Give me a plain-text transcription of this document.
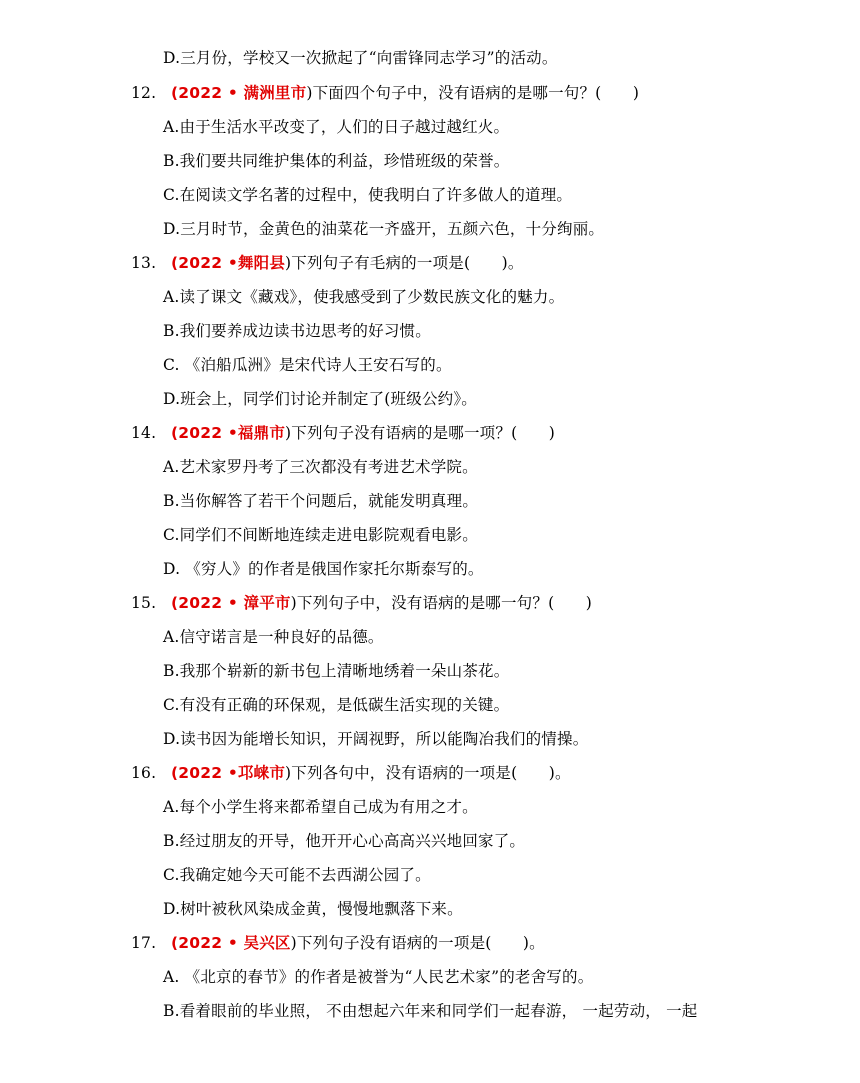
D.三月份，学校又一次掀起了“向雷锋同志学习”的活动。
12. (2022 • 满洲里市)下面四个句子中，没有语病的是哪一句？(　　)
A.由于生活水平改变了，人们的日子越过越红火。
B.我们要共同维护集体的利益，珍惜班级的荣誉。
C.在阅读文学名著的过程中，使我明白了许多做人的道理。
D.三月时节，金黄色的油菜花一齐盛开，五颜六色，十分绚丽。
13. (2022 •舞阳县)下列句子有毛病的一项是(　　)。
A.读了课文《藏戏》，使我感受到了少数民族文化的魅力。
B.我们要养成边读书边思考的好习惯。
C. 《泊船瓜洲》是宋代诗人王安石写的。
D.班会上，同学们讨论并制定了(班级公约》。
14. (2022 •福鼎市)下列句子没有语病的是哪一项？(　　)
A.艺术家罗丹考了三次都没有考进艺术学院。
B.当你解答了若干个问题后，就能发明真理。
C.同学们不间断地连续走进电影院观看电影。
D. 《穷人》的作者是俄国作家托尔斯泰写的。
15. (2022 • 漳平市)下列句子中，没有语病的是哪一句？(　　)
A.信守诺言是一种良好的品德。
B.我那个崭新的新书包上清晰地绣着一朵山茶花。
C.有没有正确的环保观，是低碳生活实现的关键。
D.读书因为能增长知识，开阔视野，所以能陶冶我们的情操。
16. (2022 •邛崃市)下列各句中，没有语病的一项是(　　)。
A.每个小学生将来都希望自己成为有用之才。
B.经过朋友的开导，他开开心心高高兴兴地回家了。
C.我确定她今天可能不去西湖公园了。
D.树叶被秋风染成金黄，慢慢地飘落下来。
17. (2022 • 吴兴区)下列句子没有语病的一项是(　　)。
A. 《北京的春节》的作者是被誉为“人民艺术家”的老舍写的。
B.看着眼前的毕业照， 不由想起六年来和同学们一起春游， 一起劳动， 一起
